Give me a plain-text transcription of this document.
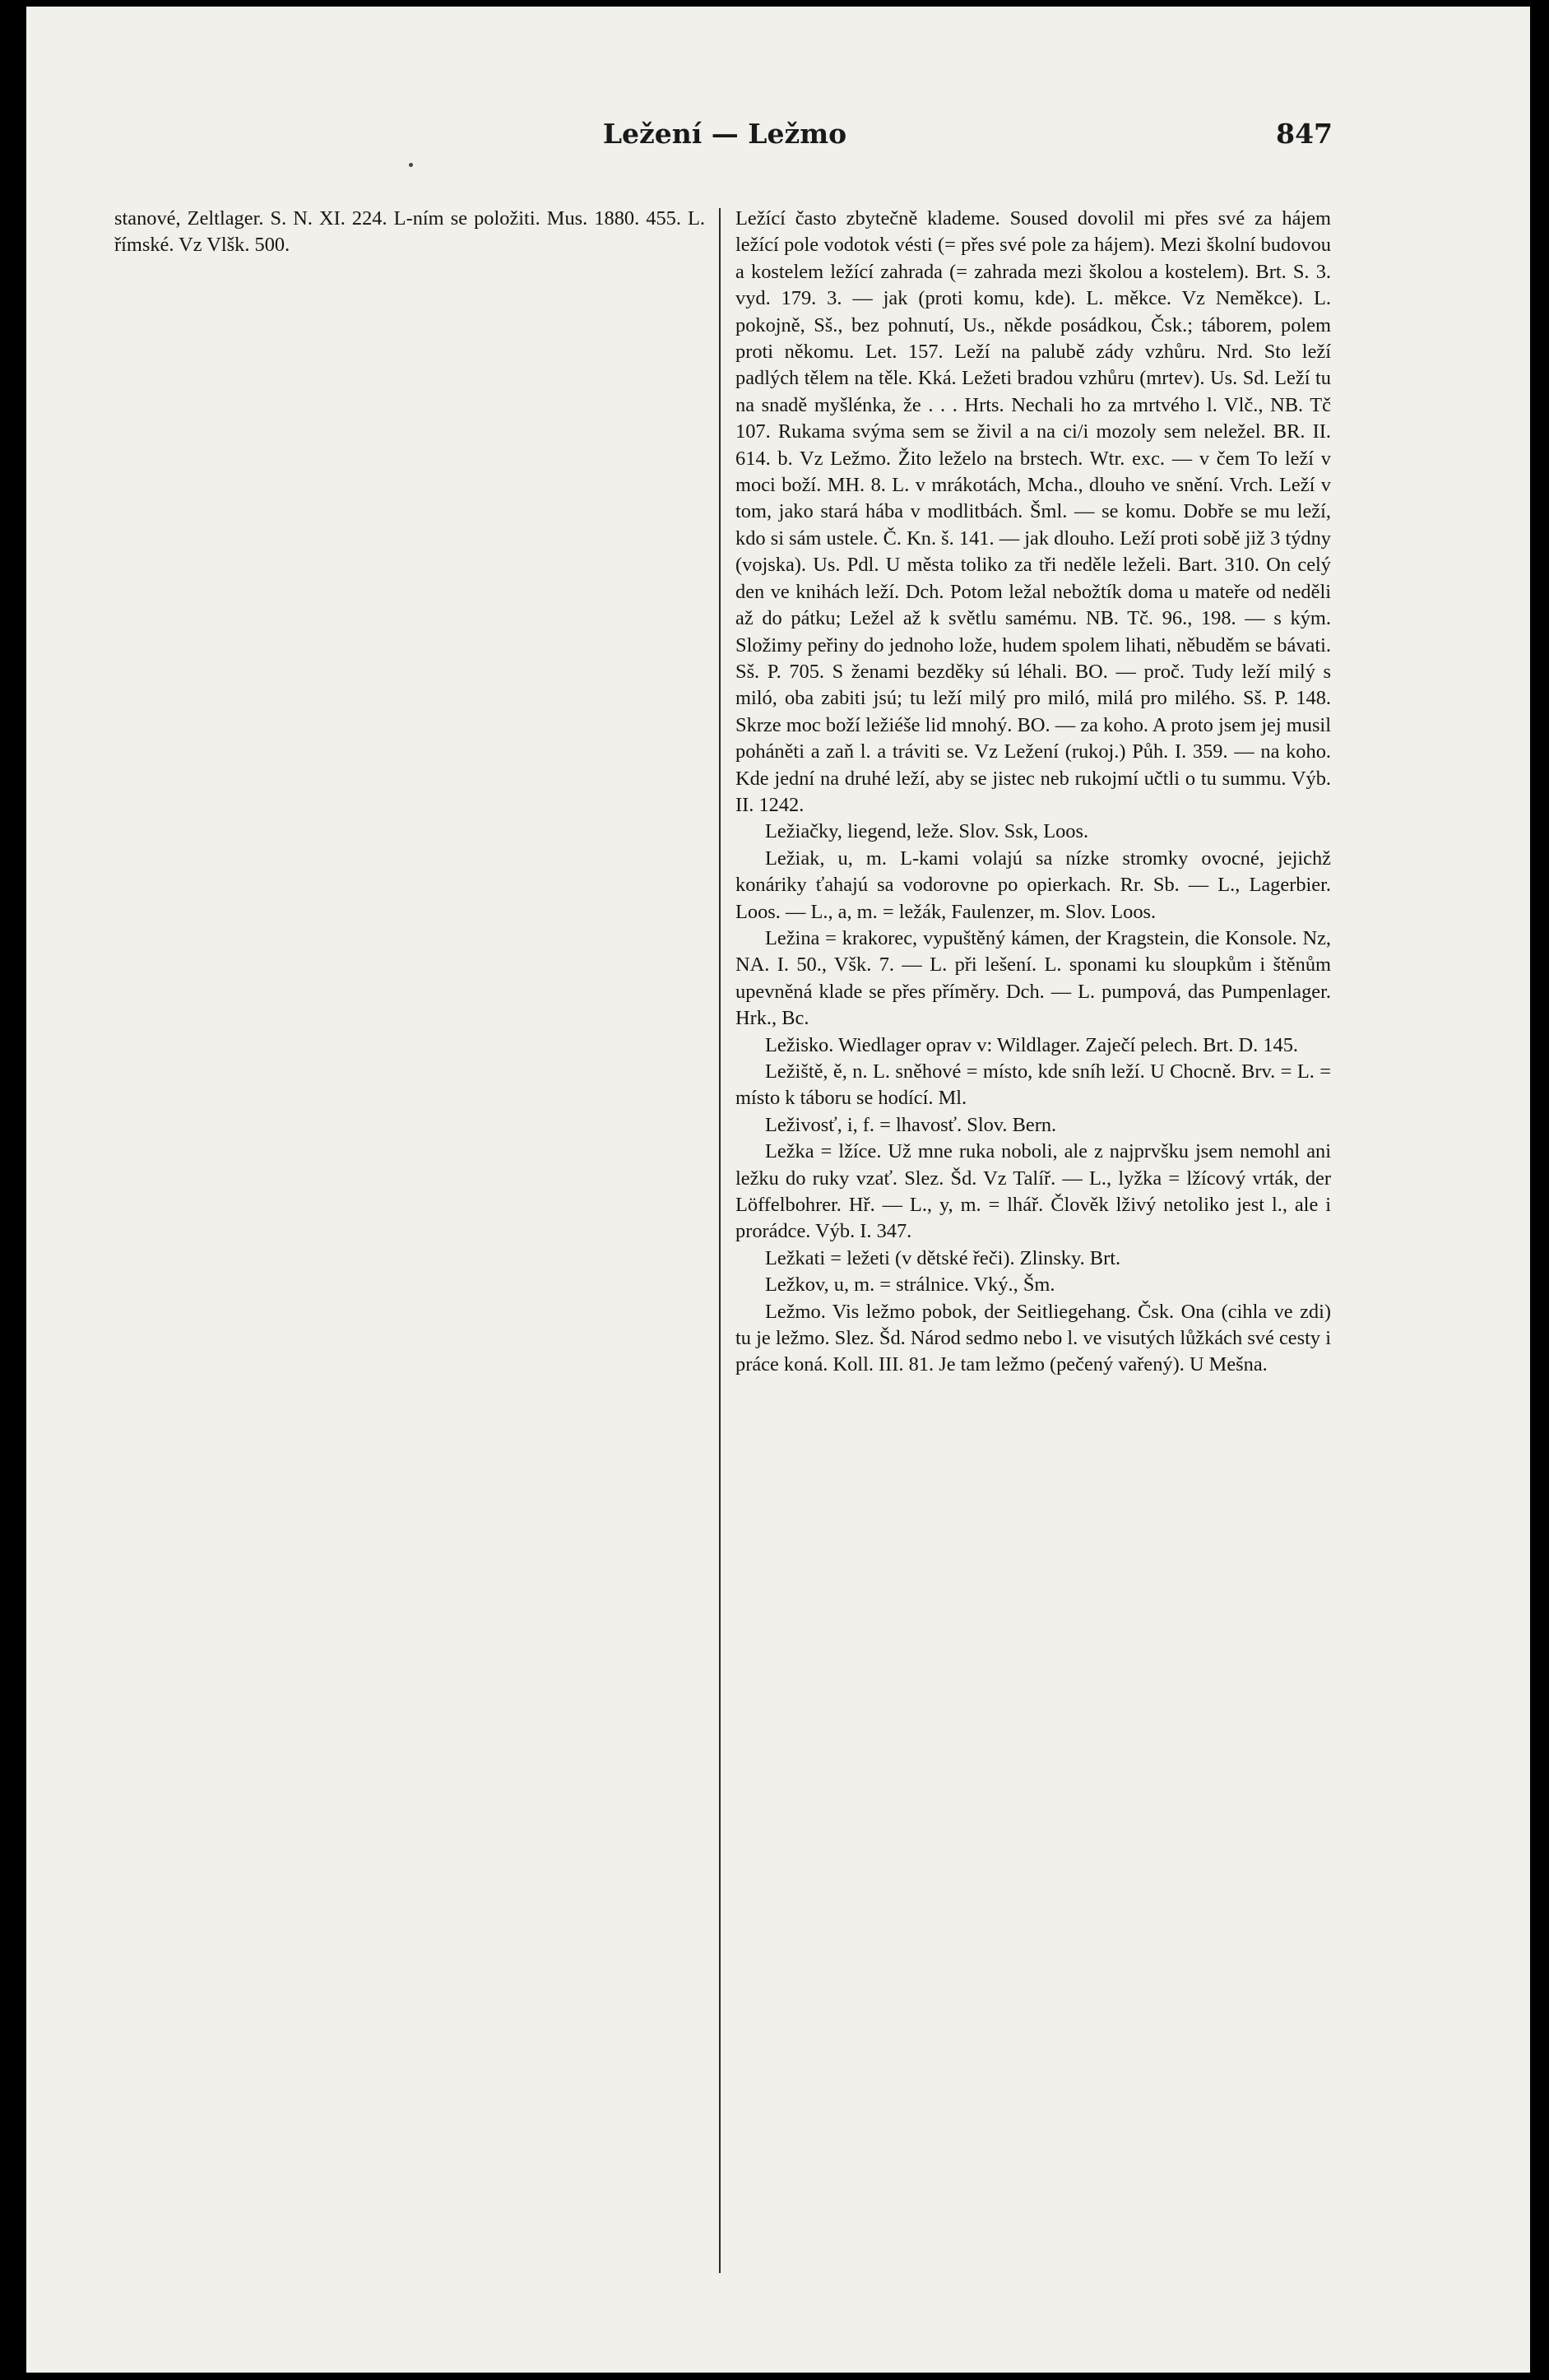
Ležení — Ležmo	847

stanové, Zeltlager. S. N. XI. 224. L-ním se položiti. Mus. 1880. 455. L. římské. Vz Vlšk. 500.

Ležící často zbytečně klademe. Soused dovolil mi přes své za hájem ležící pole vodotok vésti (= přes své pole za hájem). Mezi školní budovou a kostelem ležící zahrada (= zahrada mezi školou a kostelem). Brt. S. 3. vyd. 179. 3. — jak (proti komu, kde). L. měkce. Vz Neměkce). L. pokojně, Sš., bez pohnutí, Us., někde posádkou, Čsk.; táborem, polem proti někomu. Let. 157. Leží na palubě zády vzhůru. Nrd. Sto leží padlých tělem na těle. Kká. Ležeti bradou vzhůru (mrtev). Us. Sd. Leží tu na snadě myšlénka, že . . . Hrts. Nechali ho za mrtvého l. Vlč., NB. Tč 107. Rukama svýma sem se živil a na ci/i mozoly sem neležel. BR. II. 614. b. Vz Ležmo. Žito leželo na brstech. Wtr. exc. — v čem To leží v moci boží. MH. 8. L. v mrákotách, Mcha., dlouho ve snění. Vrch. Leží v tom, jako stará hába v modlitbách. Šml. — se komu. Dobře se mu leží, kdo si sám ustele. Č. Kn. š. 141. — jak dlouho. Leží proti sobě již 3 týdny (vojska). Us. Pdl. U města toliko za tři neděle leželi. Bart. 310. On celý den ve knihách leží. Dch. Potom ležal nebožtík doma u mateře od neděli až do pátku; Ležel až k světlu samému. NB. Tč. 96., 198. — s kým. Složimy peřiny do jednoho lože, hudem spolem lihati, něbuděm se bávati. Sš. P. 705. S ženami bezděky sú léhali. BO. — proč. Tudy leží milý s miló, oba zabiti jsú; tu leží milý pro miló, milá pro milého. Sš. P. 148. Skrze moc boží ležiéše lid mnohý. BO. — za koho. A proto jsem jej musil poháněti a zaň l. a tráviti se. Vz Ležení (rukoj.) Půh. I. 359. — na koho. Kde jední na druhé leží, aby se jistec neb rukojmí učtli o tu summu. Výb. II. 1242.

Ležiačky, liegend, leže. Slov. Ssk, Loos.

Ležiak, u, m. L-kami volajú sa nízke stromky ovocné, jejichž konáriky ťahajú sa vodorovne po opierkach. Rr. Sb. — L., Lagerbier. Loos. — L., a, m. = ležák, Faulenzer, m. Slov. Loos.

Ležina = krakorec, vypuštěný kámen, der Kragstein, die Konsole. Nz, NA. I. 50., Všk. 7. — L. při lešení. L. sponami ku sloupkům i štěnům upevněná klade se přes příměry. Dch. — L. pumpová, das Pumpenlager. Hrk., Bc.

Ležisko. Wiedlager oprav v: Wildlager. Zaječí pelech. Brt. D. 145.

Ležiště, ě, n. L. sněhové = místo, kde sníh leží. U Chocně. Brv. = L. = místo k táboru se hodící. Ml.

Leživosť, i, f. = lhavosť. Slov. Bern.

Ležka = lžíce. Už mne ruka noboli, ale z najprvšku jsem nemohl ani ležku do ruky vzať. Slez. Šd. Vz Talíř. — L., lyžka = lžícový vrták, der Löffelbohrer. Hř. — L., y, m. = lhář. Člověk lživý netoliko jest l., ale i prorádce. Výb. I. 347.

Ležkati = ležeti (v dětské řeči). Zlinsky. Brt.

Ležkov, u, m. = strálnice. Vký., Šm.

Ležmo. Vis ležmo pobok, der Seitliegehang. Čsk. Ona (cihla ve zdi) tu je ležmo. Slez. Šd. Národ sedmo nebo l. ve visutých lůžkách své cesty i práce koná. Koll. III. 81. Je tam ležmo (pečený vařený). U Mešna.
